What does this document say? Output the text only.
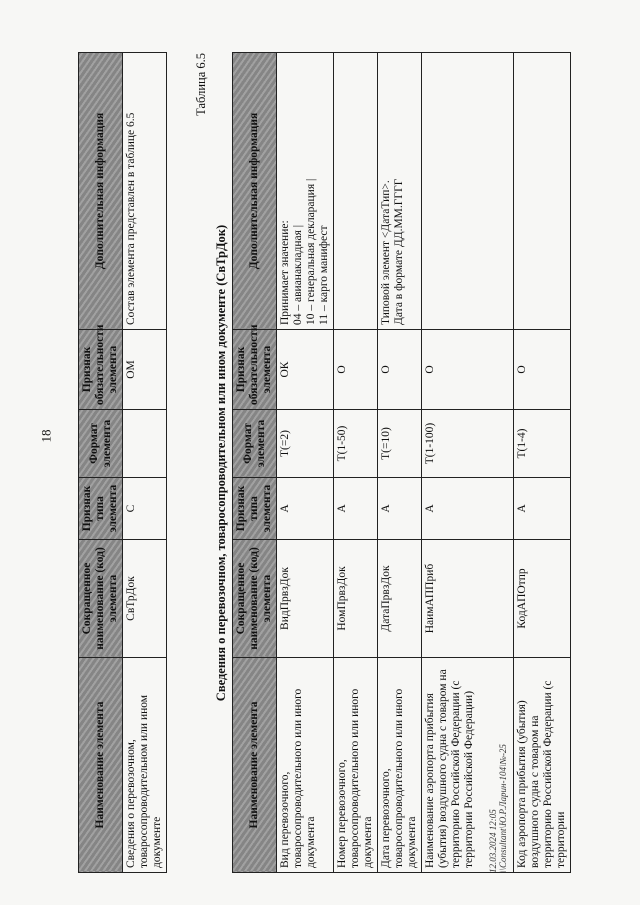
18
Наименование элемента	Сокращенное наименование (код) элемента	Признак типа элемента	Формат элемента	Признак обязательности элемента	Дополнительная информация
Сведения о перевозочном, товаросопроводительном или ином документе	СвТрДок	С		ОМ	Состав элемента представлен в таблице 6.5
Таблица 6.5
Сведения о перевозочном, товаросопроводительном или ином документе (СвТрДок)
Наименование элемента	Сокращенное наименование (код) элемента	Признак типа элемента	Формат элемента	Признак обязательности элемента	Дополнительная информация
Вид перевозочного, товаросопроводительного или иного документа	ВидПрвзДок	А	Т(=2)	ОК	Принимает значение:
04 – авианакладная |
10 – генеральная декларация |
11 – карго манифест
Номер перевозочного, товаросопроводительного или иного документа	НомПрвзДок	А	Т(1-50)	О	
Дата перевозочного, товаросопроводительного или иного документа	ДатаПрвзДок	А	Т(=10)	О	Типовой элемент <ДатаТип>.
Дата в формате ДД.ММ.ГГГГ
Наименование аэропорта прибытия (убытия) воздушного судна с товаром на территорию Российской Федерации (с территории Российской Федерации)	НаимАППриб	А	Т(1-100)	О	
Код аэропорта прибытия (убытия) воздушного судна с товаром на территорию Российской Федерации (с территории	КодАПОтпр	А	Т(1-4)	О	
12.03.2024 12:05 \\Consultant\Ю.Р.Ларин-104\№-25
